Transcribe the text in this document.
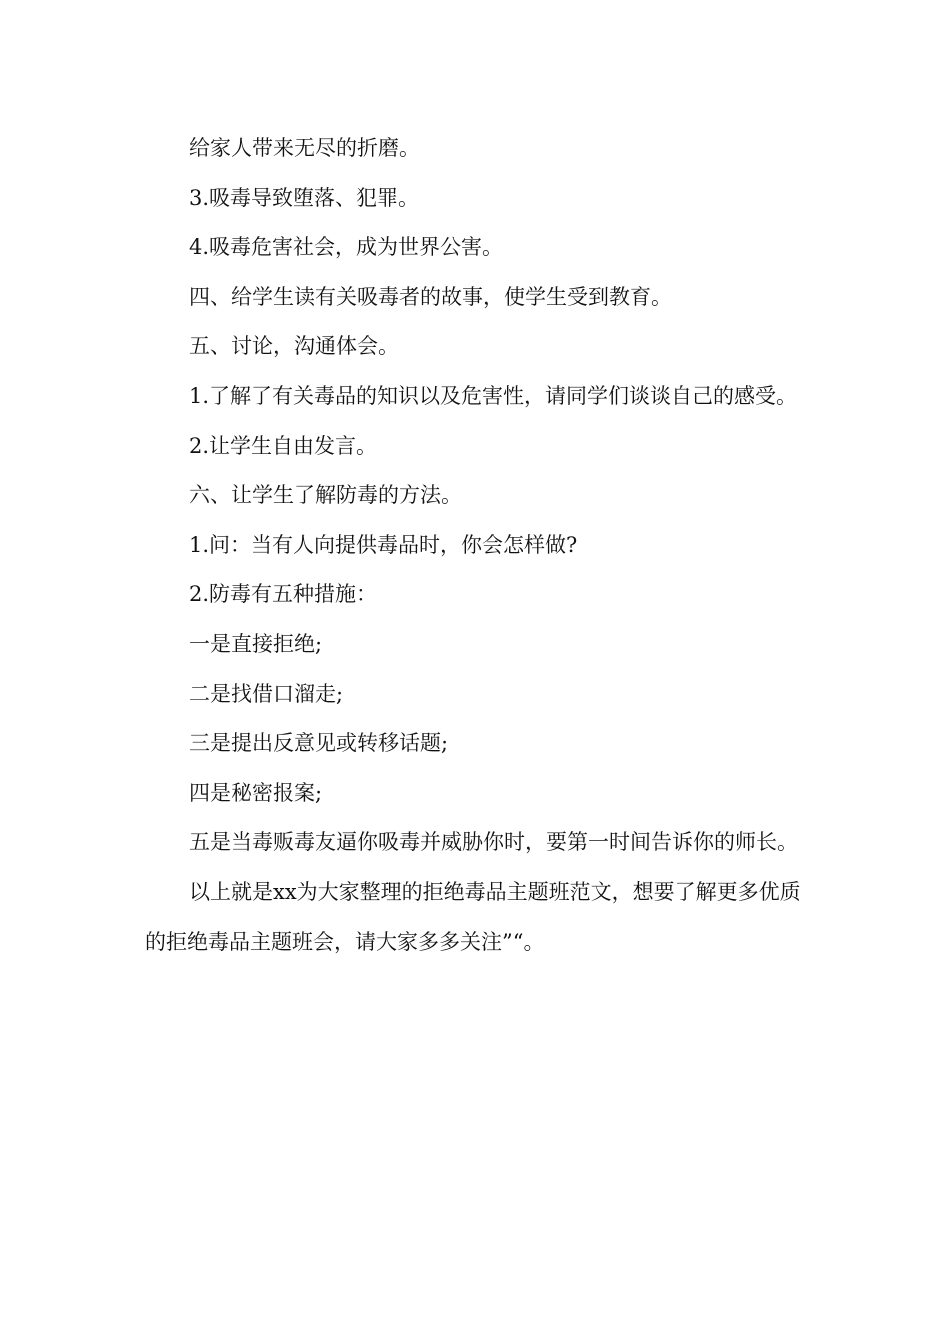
给家人带来无尽的折磨。

3.吸毒导致堕落、犯罪。

4.吸毒危害社会，成为世界公害。

四、给学生读有关吸毒者的故事，使学生受到教育。

五、讨论，沟通体会。

1.了解了有关毒品的知识以及危害性，请同学们谈谈自己的感受。

2.让学生自由发言。

六、让学生了解防毒的方法。

1.问：当有人向提供毒品时，你会怎样做?

2.防毒有五种措施：

一是直接拒绝;

二是找借口溜走;

三是提出反意见或转移话题;

四是秘密报案;

五是当毒贩毒友逼你吸毒并威胁你时，要第一时间告诉你的师长。

以上就是xx为大家整理的拒绝毒品主题班范文，想要了解更多优质的拒绝毒品主题班会，请大家多多关注”“。
